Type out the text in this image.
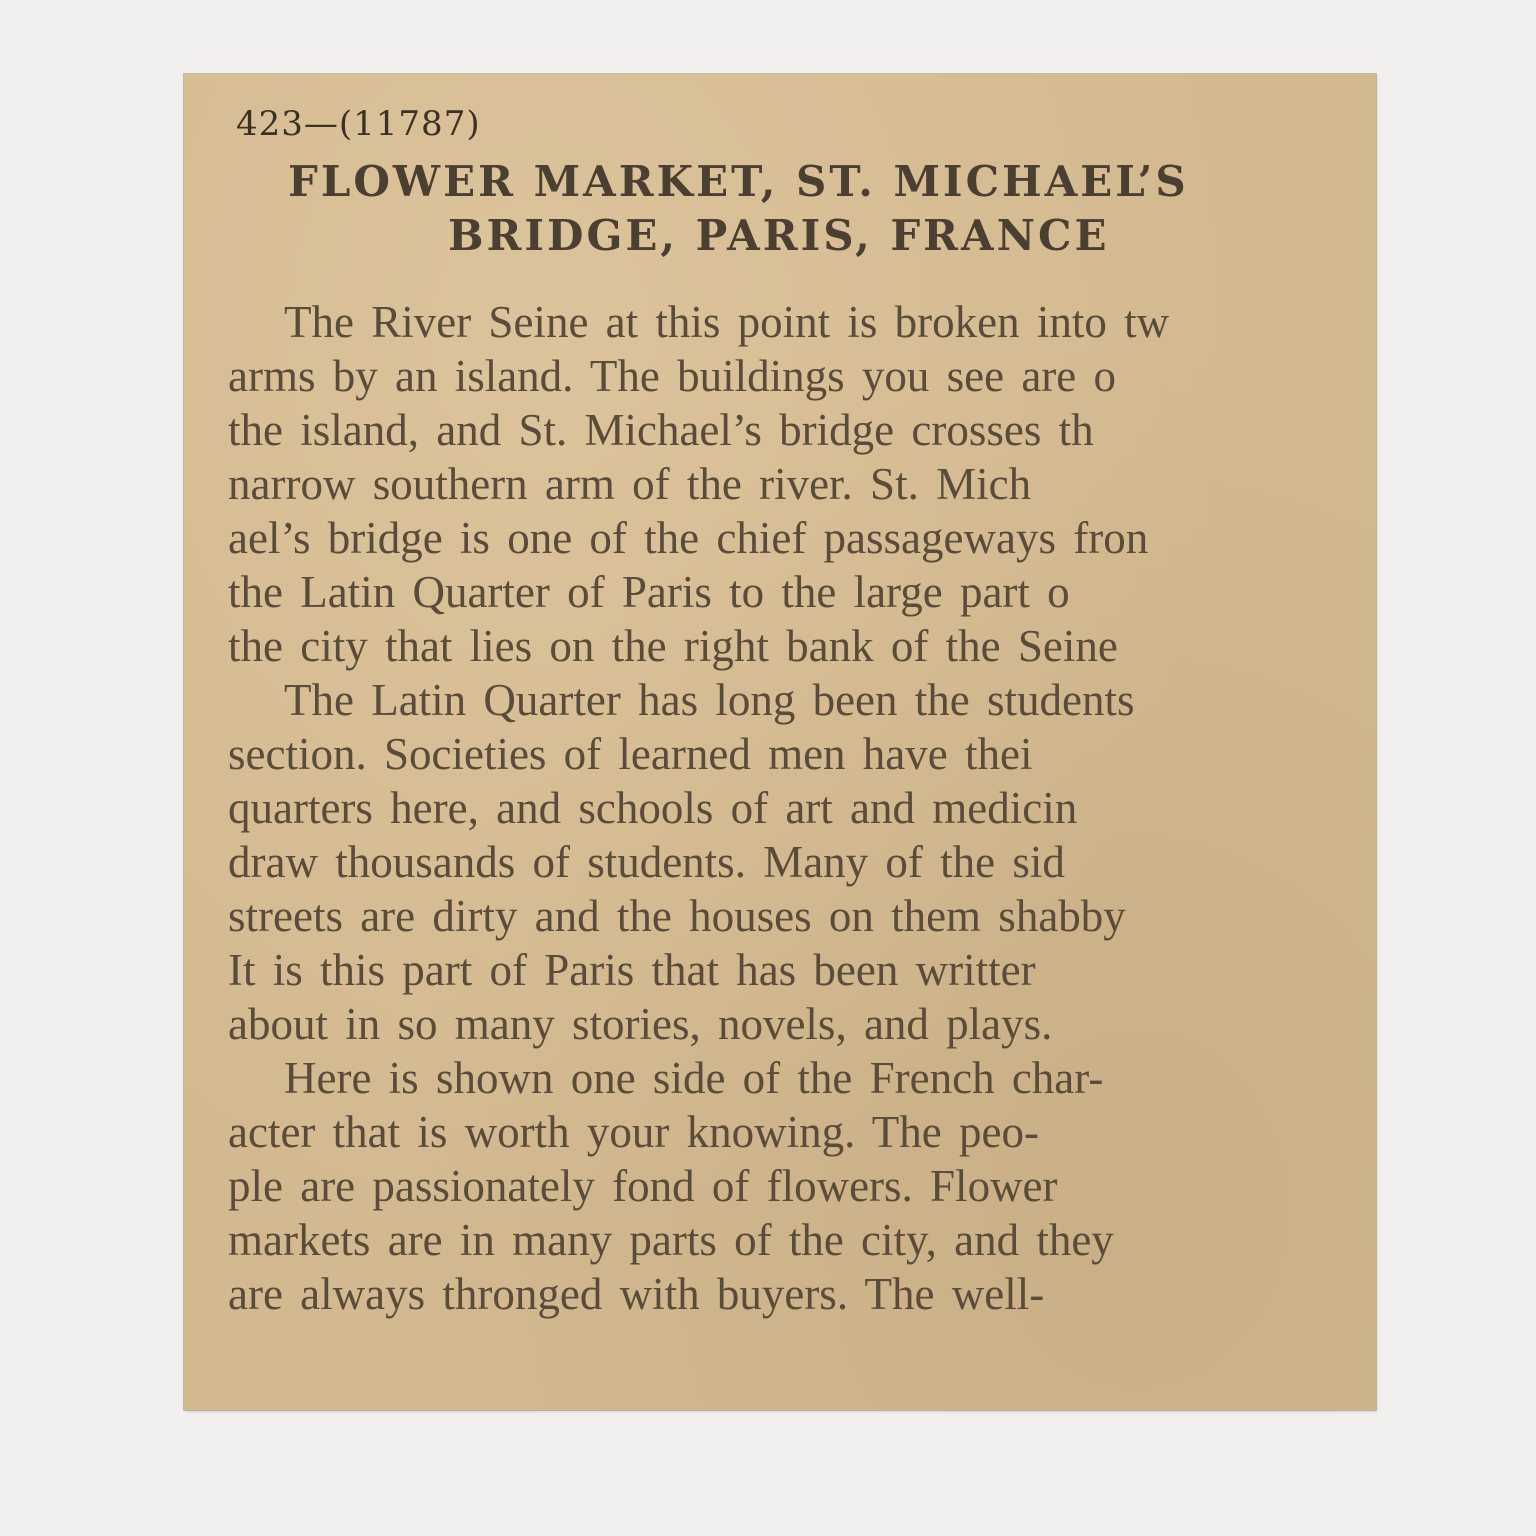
423—(11787)
FLOWER MARKET, ST. MICHAEL’S
BRIDGE, PARIS, FRANCE
The River Seine at this point is broken into tw
arms by an island. The buildings you see are o
the island, and St. Michael’s bridge crosses th
narrow southern arm of the river. St. Mich
ael’s bridge is one of the chief passageways fron
the Latin Quarter of Paris to the large part o
the city that lies on the right bank of the Seine
The Latin Quarter has long been the students
section. Societies of learned men have thei
quarters here, and schools of art and medicin
draw thousands of students. Many of the sid
streets are dirty and the houses on them shabby
It is this part of Paris that has been writter
about in so many stories, novels, and plays.
Here is shown one side of the French char-
acter that is worth your knowing. The peo-
ple are passionately fond of flowers. Flower
markets are in many parts of the city, and they
are always thronged with buyers. The well-
